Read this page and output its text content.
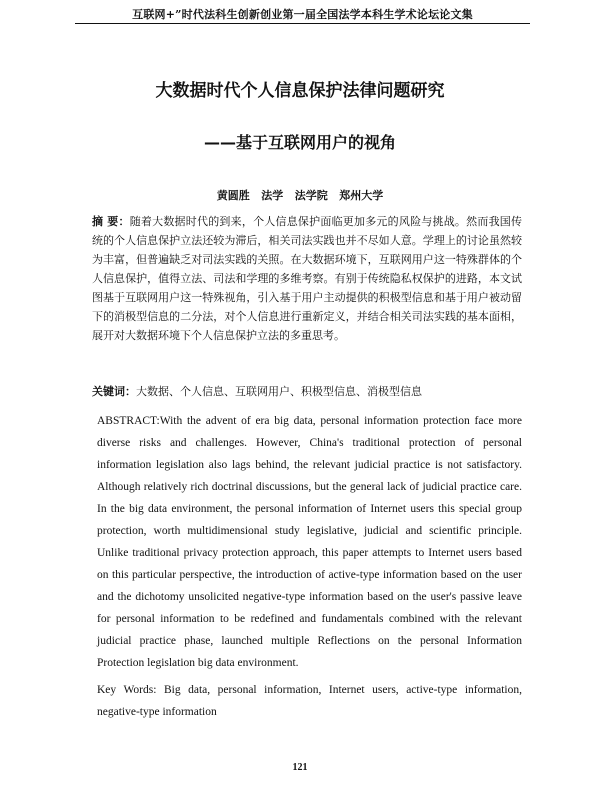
互联网+”时代法科生创新创业第一届全国法学本科生学术论坛论文集
大数据时代个人信息保护法律问题研究
——基于互联网用户的视角
黄圆胜   法学   法学院   郑州大学
摘 要：随着大数据时代的到来，个人信息保护面临更加多元的风险与挑战。然而我国传统的个人信息保护立法还较为滞后，相关司法实践也并不尽如人意。学理上的讨论虽然较为丰富，但普遍缺乏对司法实践的关照。在大数据环境下，互联网用户这一特殊群体的个人信息保护，值得立法、司法和学理的多维考察。有别于传统隐私权保护的进路，本文试图基于互联网用户这一特殊视角，引入基于用户主动提供的积极型信息和基于用户被动留下的消极型信息的二分法，对个人信息进行重新定义，并结合相关司法实践的基本面相，展开对大数据环境下个人信息保护立法的多重思考。
关键词：大数据、个人信息、互联网用户、积极型信息、消极型信息
ABSTRACT:With the advent of era big data, personal information protection face more diverse risks and challenges. However, China's traditional protection of personal information legislation also lags behind, the relevant judicial practice is not satisfactory. Although relatively rich doctrinal discussions, but the general lack of judicial practice care. In the big data environment, the personal information of Internet users this special group protection, worth multidimensional study legislative, judicial and scientific principle. Unlike traditional privacy protection approach, this paper attempts to Internet users based on this particular perspective, the introduction of active-type information based on the user and the dichotomy unsolicited negative-type information based on the user's passive leave for personal information to be redefined and fundamentals combined with the relevant judicial practice phase, launched multiple Reflections on the personal Information Protection legislation big data environment.
Key Words: Big data, personal information, Internet users, active-type information, negative-type information
121
